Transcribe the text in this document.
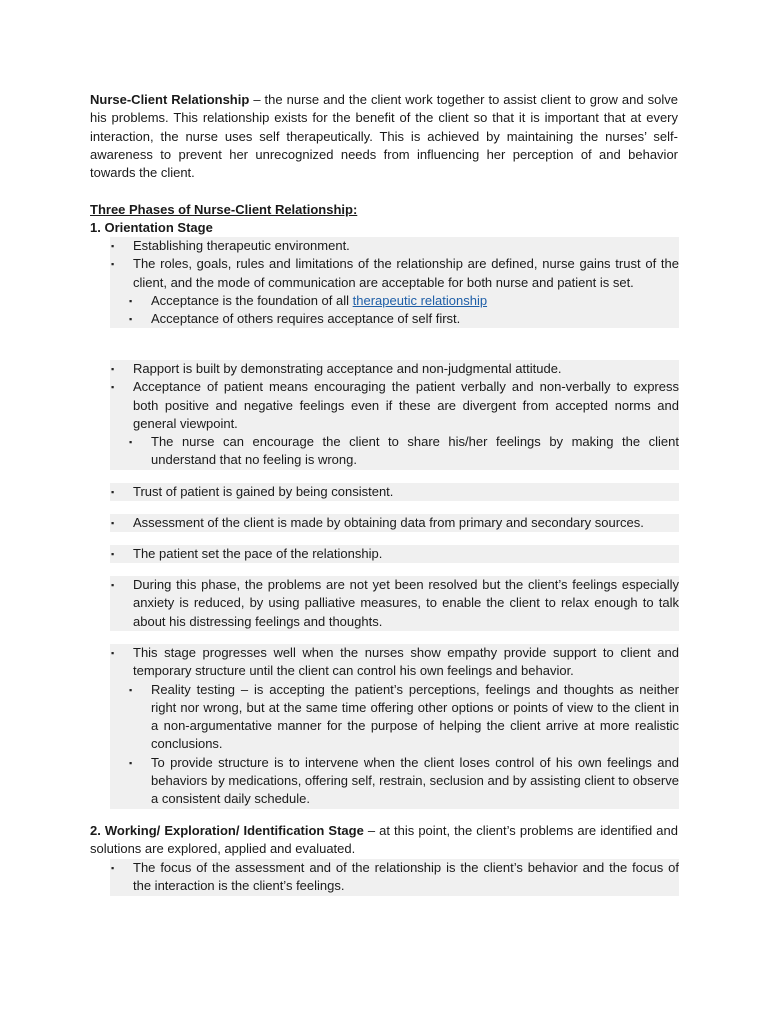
Nurse-Client Relationship – the nurse and the client work together to assist client to grow and solve his problems. This relationship exists for the benefit of the client so that it is important that at every interaction, the nurse uses self therapeutically. This is achieved by maintaining the nurses’ self-awareness to prevent her unrecognized needs from influencing her perception of and behavior towards the client.

Three Phases of Nurse-Client Relationship:

1. Orientation Stage

▪ Establishing therapeutic environment.
▪ The roles, goals, rules and limitations of the relationship are defined, nurse gains trust of the client, and the mode of communication are acceptable for both nurse and patient is set.
▪ Acceptance is the foundation of all therapeutic relationship
▪ Acceptance of others requires acceptance of self first.
▪ Rapport is built by demonstrating acceptance and non-judgmental attitude.
▪ Acceptance of patient means encouraging the patient verbally and non-verbally to express both positive and negative feelings even if these are divergent from accepted norms and general viewpoint.
▪ The nurse can encourage the client to share his/her feelings by making the client understand that no feeling is wrong.
▪ Trust of patient is gained by being consistent.
▪ Assessment of the client is made by obtaining data from primary and secondary sources.
▪ The patient set the pace of the relationship.
▪ During this phase, the problems are not yet been resolved but the client’s feelings especially anxiety is reduced, by using palliative measures, to enable the client to relax enough to talk about his distressing feelings and thoughts.
▪ This stage progresses well when the nurses show empathy provide support to client and temporary structure until the client can control his own feelings and behavior.
▪ Reality testing – is accepting the patient’s perceptions, feelings and thoughts as neither right nor wrong, but at the same time offering other options or points of view to the client in a non-argumentative manner for the purpose of helping the client arrive at more realistic conclusions.
▪ To provide structure is to intervene when the client loses control of his own feelings and behaviors by medications, offering self, restrain, seclusion and by assisting client to observe a consistent daily schedule.

2. Working/ Exploration/ Identification Stage – at this point, the client’s problems are identified and solutions are explored, applied and evaluated.

▪ The focus of the assessment and of the relationship is the client’s behavior and the focus of the interaction is the client’s feelings.
